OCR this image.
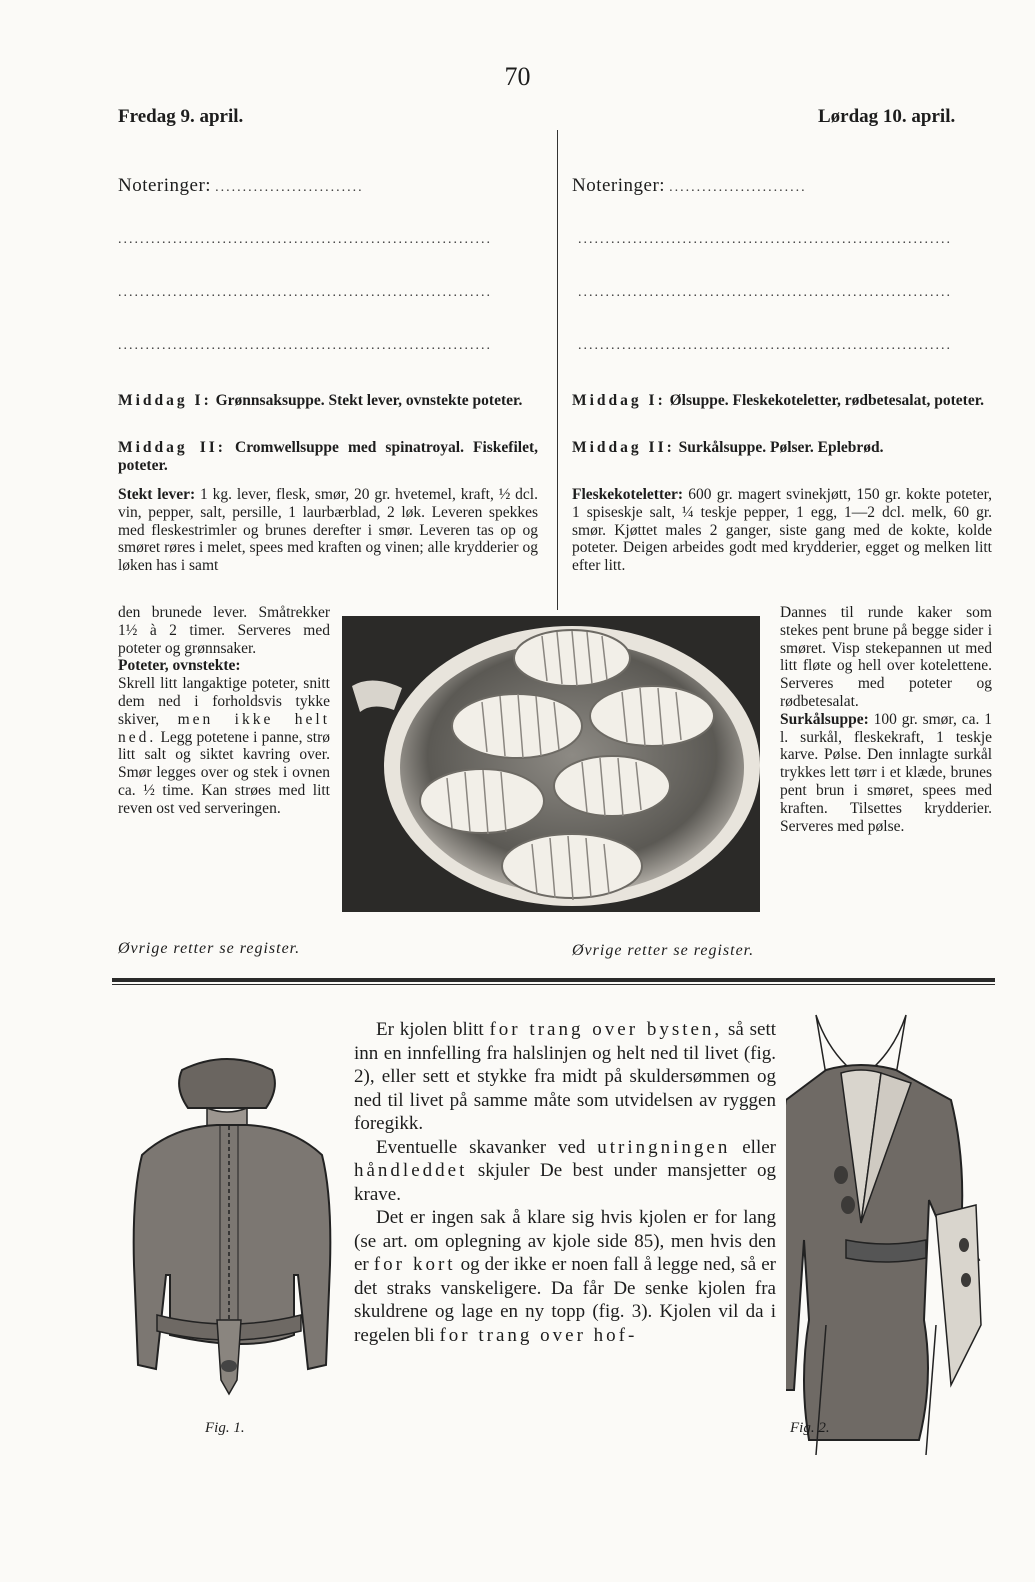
70
Fredag 9. april.	Lørdag 10. april.
Noteringer: ...........................
....................................................................
....................................................................
....................................................................
Noteringer: .........................
....................................................................
....................................................................
....................................................................
Middag I: Grønnsaksuppe. Stekt lever, ovnstekte poteter.
Middag II: Cromwellsuppe med spinatroyal. Fiskefilet, poteter.
Stekt lever: 1 kg. lever, flesk, smør, 20 gr. hvetemel, kraft, ½ dcl. vin, pepper, salt, persille, 1 laurbærblad, 2 løk. Leveren spekkes med fleskestrimler og brunes derefter i smør. Leveren tas op og smøret røres i melet, spees med kraften og vinen; alle krydderier og løken has i samt
den brunede lever. Småtrekker 1½ à 2 timer. Serveres med poteter og grønnsaker.
Poteter, ovnstekte:
Skrell litt langaktige poteter, snitt dem ned i forholdsvis tykke skiver, men ikke helt ned. Legg potetene i panne, strø litt salt og siktet kavring over. Smør legges over og stek i ovnen ca. ½ time. Kan strøes med litt reven ost ved serveringen.
Øvrige retter se register.
Middag I: Ølsuppe. Fleskekoteletter, rødbetesalat, poteter.
Middag II: Surkålsuppe. Pølser. Eplebrød.
Fleskekoteletter: 600 gr. magert svinekjøtt, 150 gr. kokte poteter, 1 spiseskje salt, ¼ teskje pepper, 1 egg, 1—2 dcl. melk, 60 gr. smør. Kjøttet males 2 ganger, siste gang med de kokte, kolde poteter. Deigen arbeides godt med krydderier, egget og melken litt efter litt.
Dannes til runde kaker som stekes pent brune på begge sider i smøret. Visp stekepannen ut med litt fløte og hell over kotelettene. Serveres med poteter og rødbetesalat.
Surkålsuppe: 100 gr. smør, ca. 1 l. surkål, fleskekraft, 1 teskje karve. Pølse. Den innlagte surkål trykkes lett tørr i et klæde, brunes pent brun i smøret, spees med kraften. Tilsettes krydderier. Serveres med pølse.
Øvrige retter se register.
Fig. 1.
Er kjolen blitt for trang over bysten, så sett inn en innfelling fra halslinjen og helt ned til livet (fig. 2), eller sett et stykke fra midt på skuldersømmen og ned til livet på samme måte som utvidelsen av ryggen foregikk.
Eventuelle skavanker ved utringningen eller håndleddet skjuler De best under mansjetter og krave.
Det er ingen sak å klare sig hvis kjolen er for lang (se art. om oplegning av kjole side 85), men hvis den er for kort og der ikke er noen fall å legge ned, så er det straks vanskeligere. Da får De senke kjolen fra skuldrene og lage en ny topp (fig. 3). Kjolen vil da i regelen bli for trang over hof-
Fig. 2.
